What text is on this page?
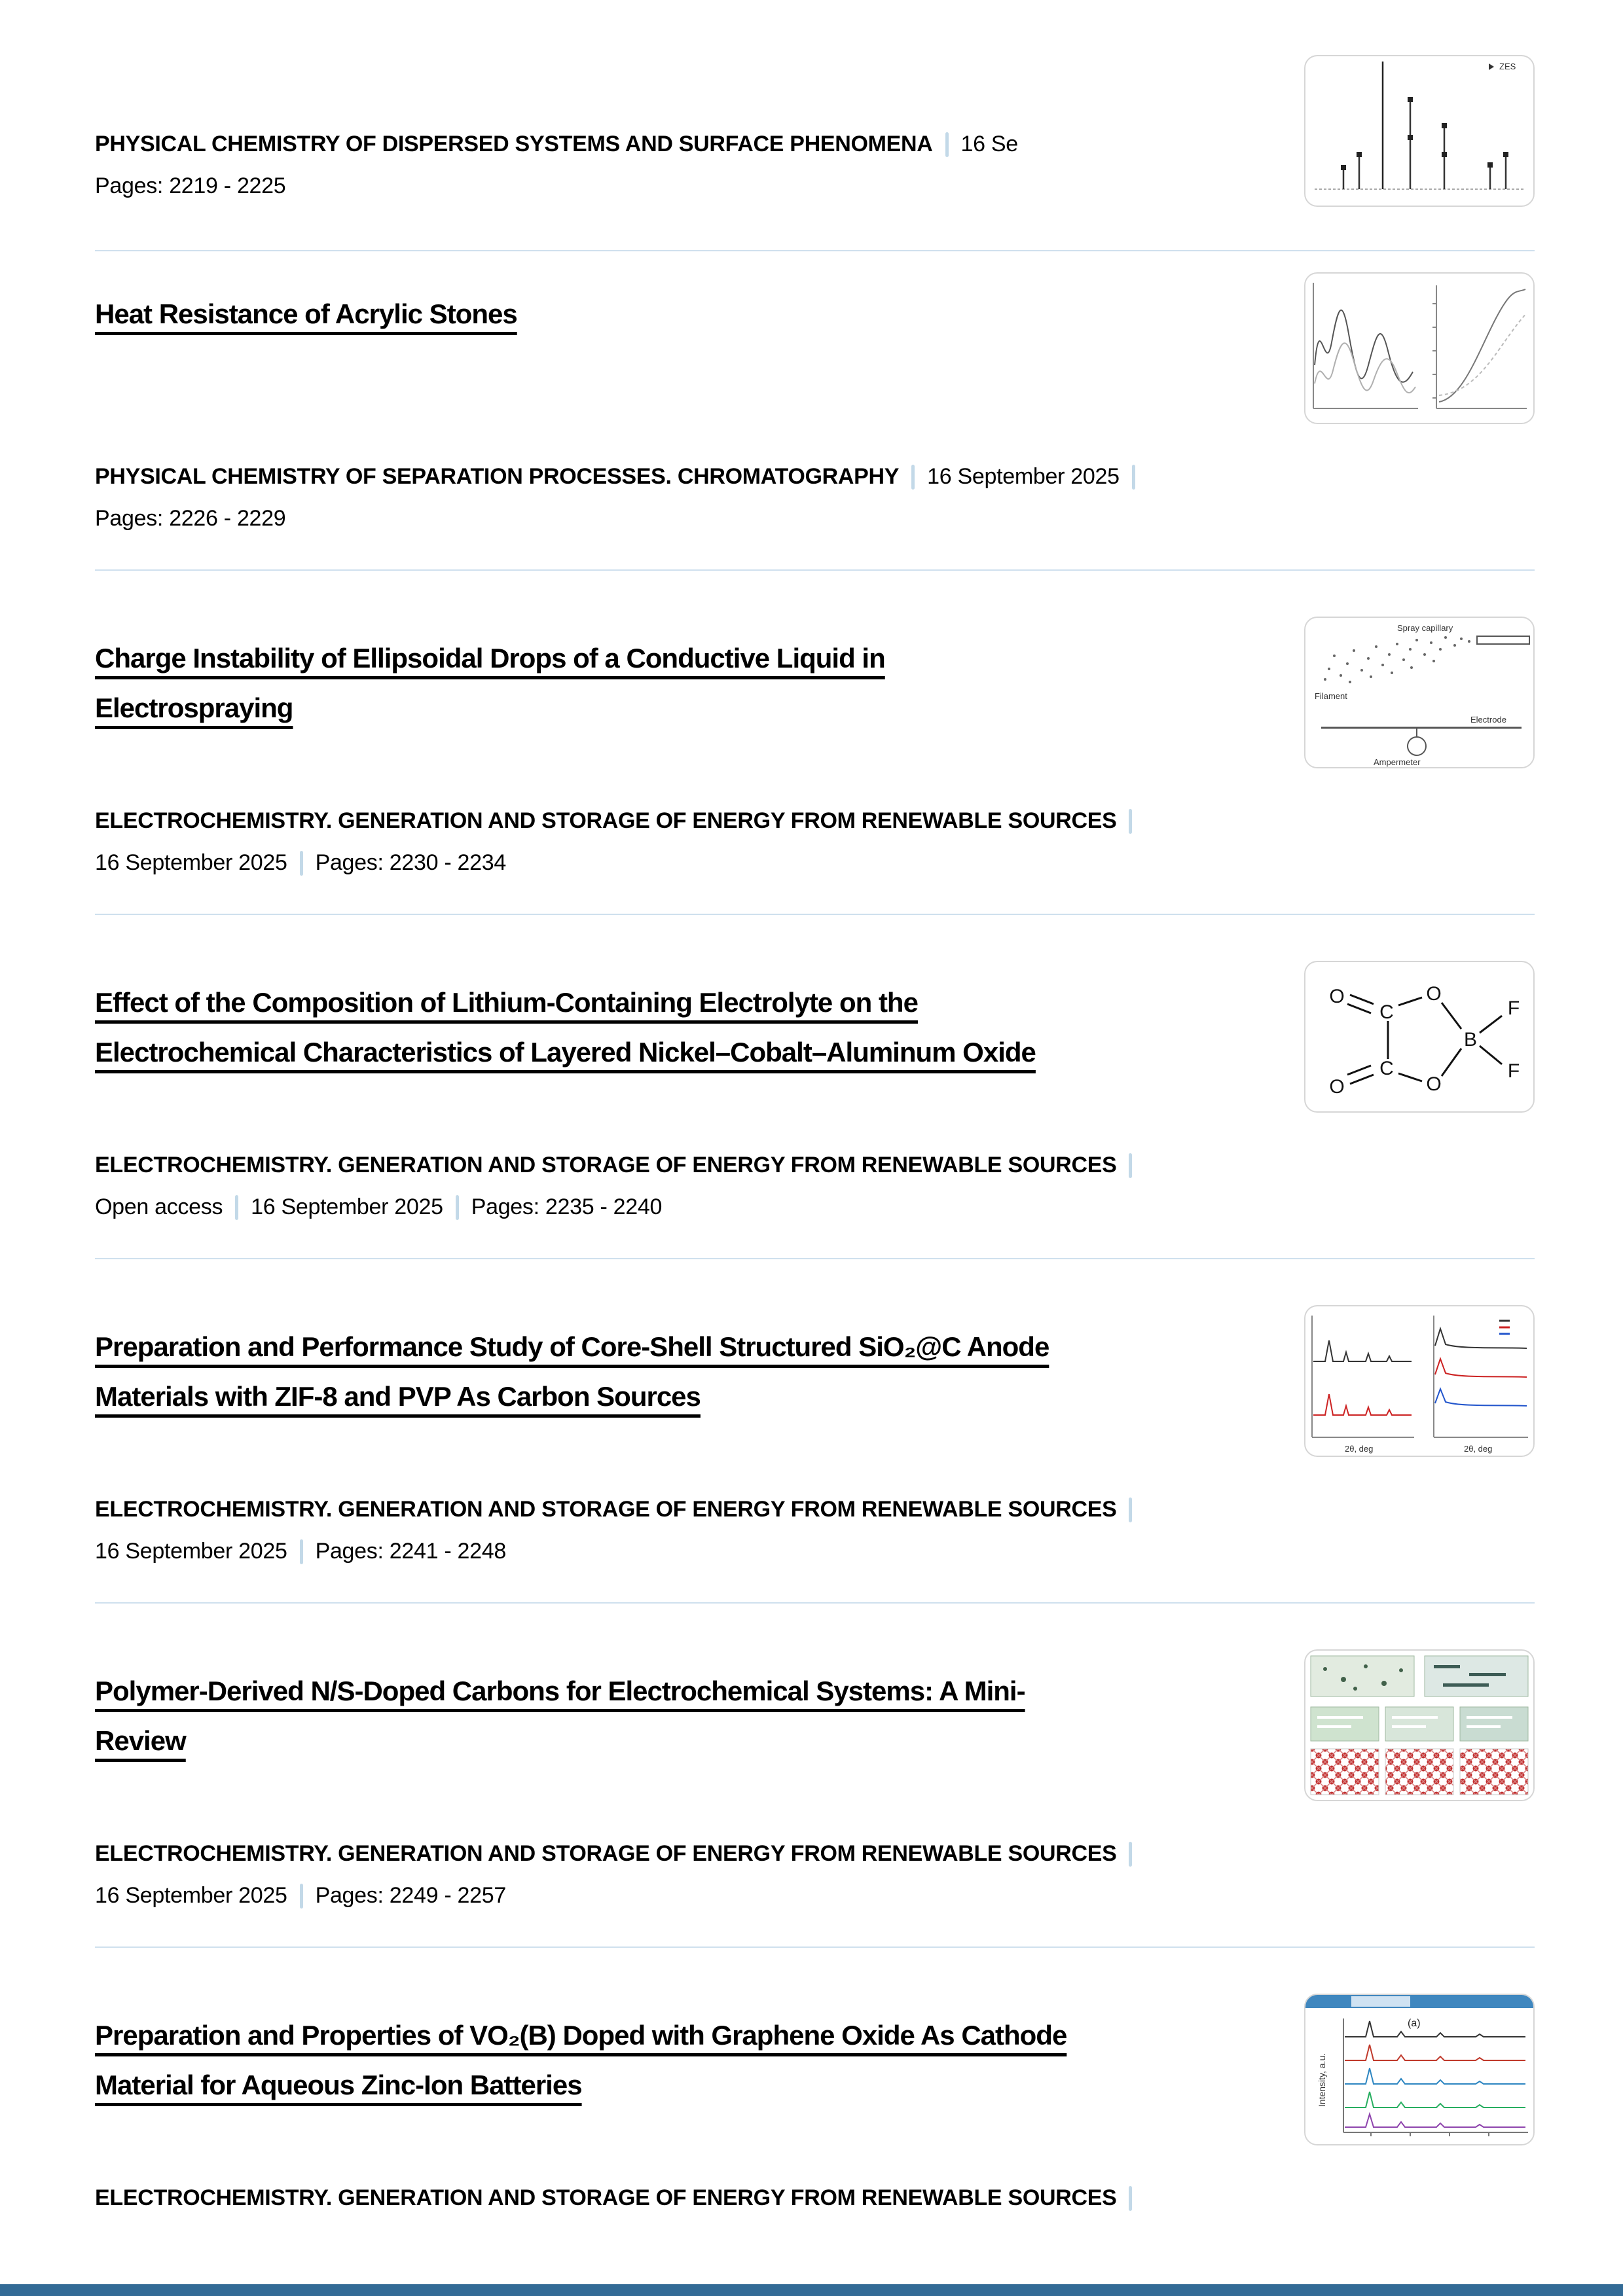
ZES

PHYSICAL CHEMISTRY OF DISPERSED SYSTEMS AND SURFACE PHENOMENA 16 Se

Pages: 2219 - 2225

Heat Resistance of Acrylic Stones

PHYSICAL CHEMISTRY OF SEPARATION PROCESSES. CHROMATOGRAPHY 16 September 2025

Pages: 2226 - 2229

Spray capillary
Filament
Ampermeter
Electrode
Charge Instability of Ellipsoidal Drops of a Conductive Liquid in Electrospraying

ELECTROCHEMISTRY. GENERATION AND STORAGE OF ENERGY FROM RENEWABLE SOURCES

16 September 2025 Pages: 2230 - 2234

O
C
O
B
F
F
O
C
O
Effect of the Composition of Lithium-Containing Electrolyte on the Electrochemical Characteristics of Layered Nickel–Cobalt–Aluminum Oxide

ELECTROCHEMISTRY. GENERATION AND STORAGE OF ENERGY FROM RENEWABLE SOURCES

Open access 16 September 2025 Pages: 2235 - 2240

2θ, deg	2θ, deg
Preparation and Performance Study of Core-Shell Structured SiO₂@C Anode Materials with ZIF-8 and PVP As Carbon Sources

ELECTROCHEMISTRY. GENERATION AND STORAGE OF ENERGY FROM RENEWABLE SOURCES

16 September 2025 Pages: 2241 - 2248

Polymer-Derived N/S-Doped Carbons for Electrochemical Systems: A Mini-Review

ELECTROCHEMISTRY. GENERATION AND STORAGE OF ENERGY FROM RENEWABLE SOURCES

16 September 2025 Pages: 2249 - 2257

(a)
Intensity, a.u.
Preparation and Properties of VO₂(B) Doped with Graphene Oxide As Cathode Material for Aqueous Zinc-Ion Batteries

ELECTROCHEMISTRY. GENERATION AND STORAGE OF ENERGY FROM RENEWABLE SOURCES
